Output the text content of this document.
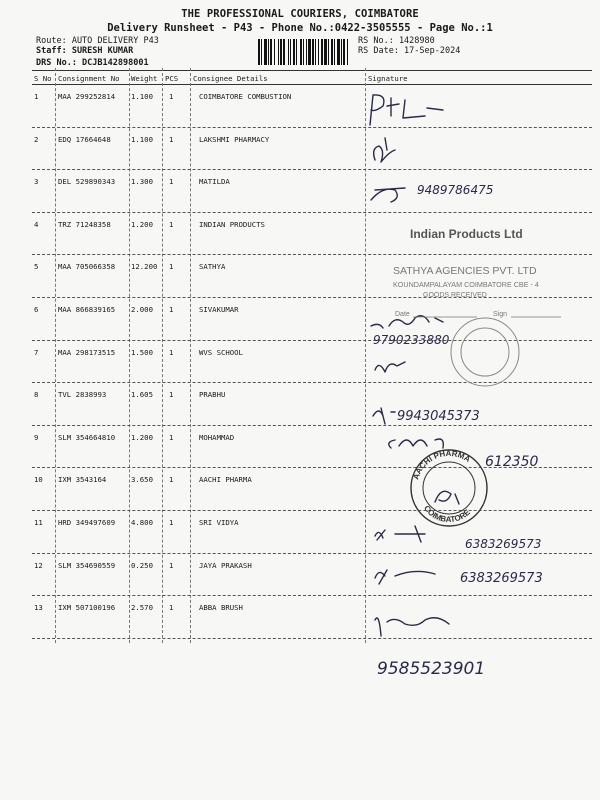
THE PROFESSIONAL COURIERS, COIMBATORE
Delivery Runsheet - P43 - Phone No.:0422-3505555 - Page No.:1
Route: AUTO DELIVERY P43
Staff: SURESH KUMAR
DRS No.: DCJB142898001
RS No.: 1428980
RS Date: 17-Sep-2024
S No Consignment No Weight PCS Consignee Details	Signature
1	MAA 299252814 1.100 1	COIMBATORE COMBUSTION
2	EDQ 17664648	1.100 1	LAKSHMI PHARMACY
3	DEL 529890343 1.300 1	MATILDA
4	TRZ 71248358	1.200 1	INDIAN PRODUCTS
5	MAA 705066358 12.200 1	SATHYA
6	MAA 866839165 2.000 1	SIVAKUMAR
7	MAA 298173515 1.500 1	WVS SCHOOL
8	TVL 2838993	1.605 1	PRABHU
9	SLM 354664810 1.200 1	MOHAMMAD
10 IXM 3543164	3.650 1	AACHI PHARMA
11 HRD 349497609 4.800 1	SRI VIDYA
12 SLM 354690559 0.250 1	JAYA PRAKASH
13 IXM 507100196 2.570 1	ABBA BRUSH
Indian Products Ltd
SATHYA AGENCIES PVT. LTD
KOUNDAMPALAYAM COIMBATORE CBE - 4
GOODS RECEIVED
Date	Sign
AACHI PHARMA
COIMBATORE
9489786475
9790233880
9943045373
612350
6383269573
6383269573
9585523901
